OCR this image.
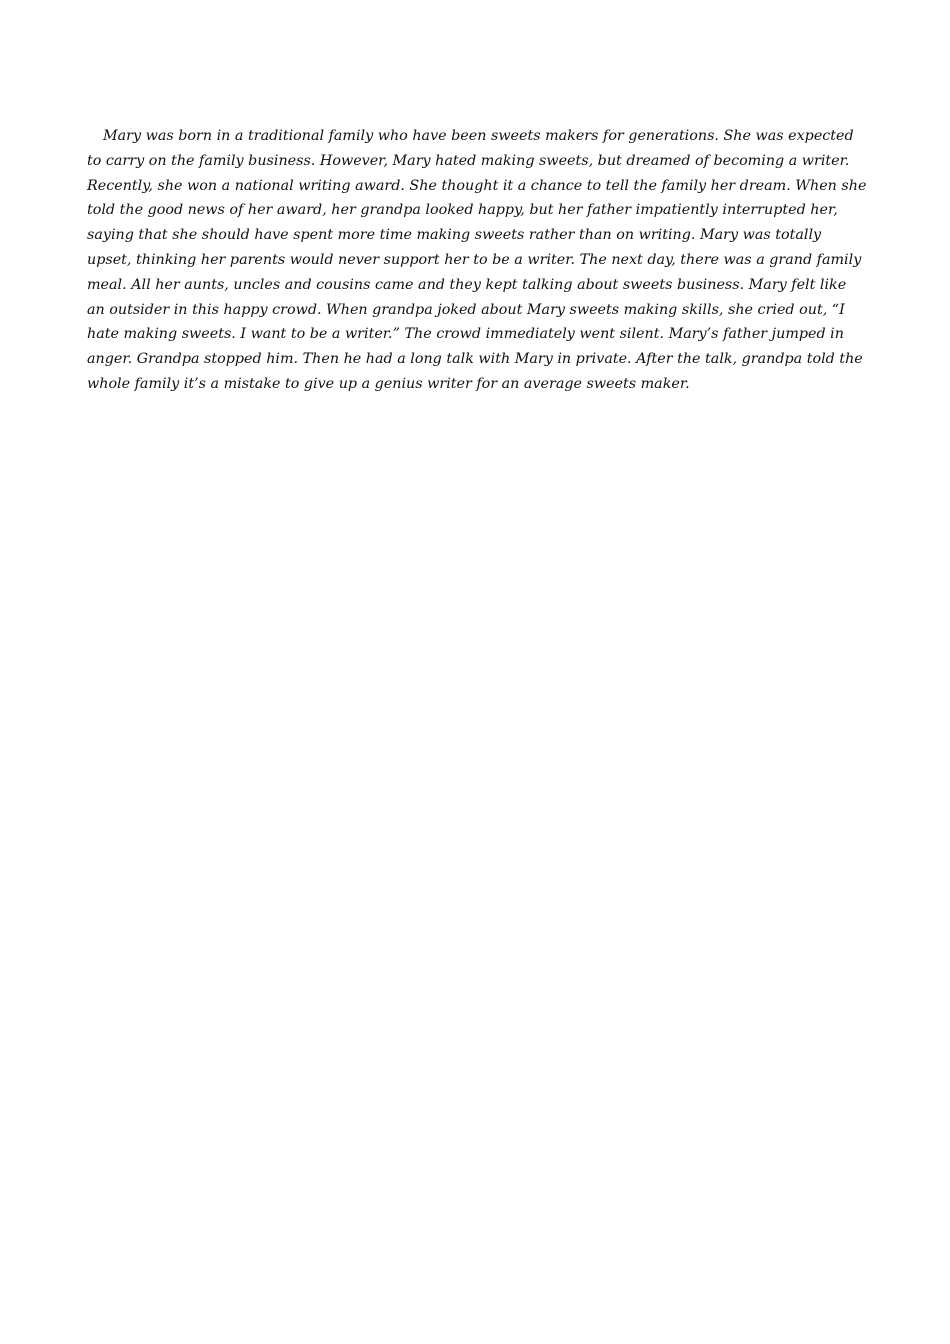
Mary was born in a traditional family who have been sweets makers for generations. She was expected to carry on the family business. However, Mary hated making sweets, but dreamed of becoming a writer. Recently, she won a national writing award. She thought it a chance to tell the family her dream. When she told the good news of her award, her grandpa looked happy, but her father impatiently interrupted her, saying that she should have spent more time making sweets rather than on writing. Mary was totally upset, thinking her parents would never support her to be a writer. The next day, there was a grand family meal. All her aunts, uncles and cousins came and they kept talking about sweets business. Mary felt like an outsider in this happy crowd. When grandpa joked about Mary sweets making skills, she cried out, “I hate making sweets. I want to be a writer.” The crowd immediately went silent. Mary’s father jumped in anger. Grandpa stopped him. Then he had a long talk with Mary in private. After the talk, grandpa told the whole family it’s a mistake to give up a genius writer for an average sweets maker.
